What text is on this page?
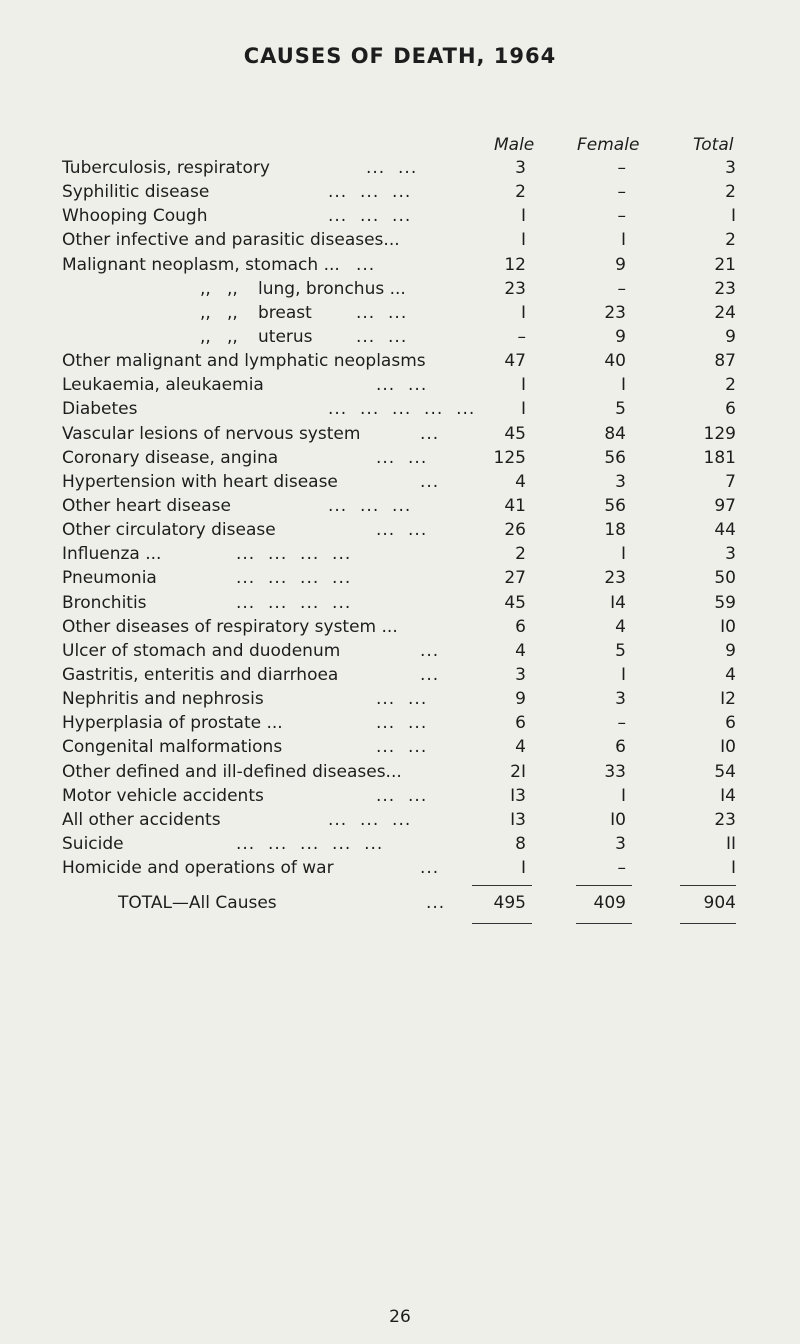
CAUSES OF DEATH, 1964
Male	Female	Total
Tuberculosis, respiratory	...  ...	3	–	3
Syphilitic disease	...  ...  ...	2	–	2
Whooping Cough	...  ...  ...	I	–	I
Other infective and parasitic diseases...	I	I	2
Malignant neoplasm, stomach ... ...	12	9	21
,,   ,, lung, bronchus ...	23	–	23
,,   ,, breast	...  ...	I	23	24
,,   ,, uterus	...  ...	–	9	9
Other malignant and lymphatic neoplasms	47	40	87
Leukaemia, aleukaemia	...  ...	I	I	2
Diabetes	...  ...  ...  ...  ...	I	5	6
Vascular lesions of nervous system	...	45	84	129
Coronary disease, angina	...  ...	125	56	181
Hypertension with heart disease	...	4	3	7
Other heart disease	...  ...  ...	41	56	97
Other circulatory disease	...  ...	26	18	44
Influenza ...	...  ...  ...  ...	2	I	3
Pneumonia	...  ...  ...  ...	27	23	50
Bronchitis	...  ...  ...  ...	45	I4	59
Other diseases of respiratory system ...	6	4	I0
Ulcer of stomach and duodenum	...	4	5	9
Gastritis, enteritis and diarrhoea	...	3	I	4
Nephritis and nephrosis	...  ...	9	3	I2
Hyperplasia of prostate ...	...  ...	6	–	6
Congenital malformations	...  ...	4	6	I0
Other defined and ill-defined diseases...	2I	33	54
Motor vehicle accidents	...  ...	I3	I	I4
All other accidents	...  ...  ...	I3	I0	23
Suicide	...  ...  ...  ...  ...	8	3	II
Homicide and operations of war	...	I	–	I
TOTAL—All Causes	...	495	409	904
26
